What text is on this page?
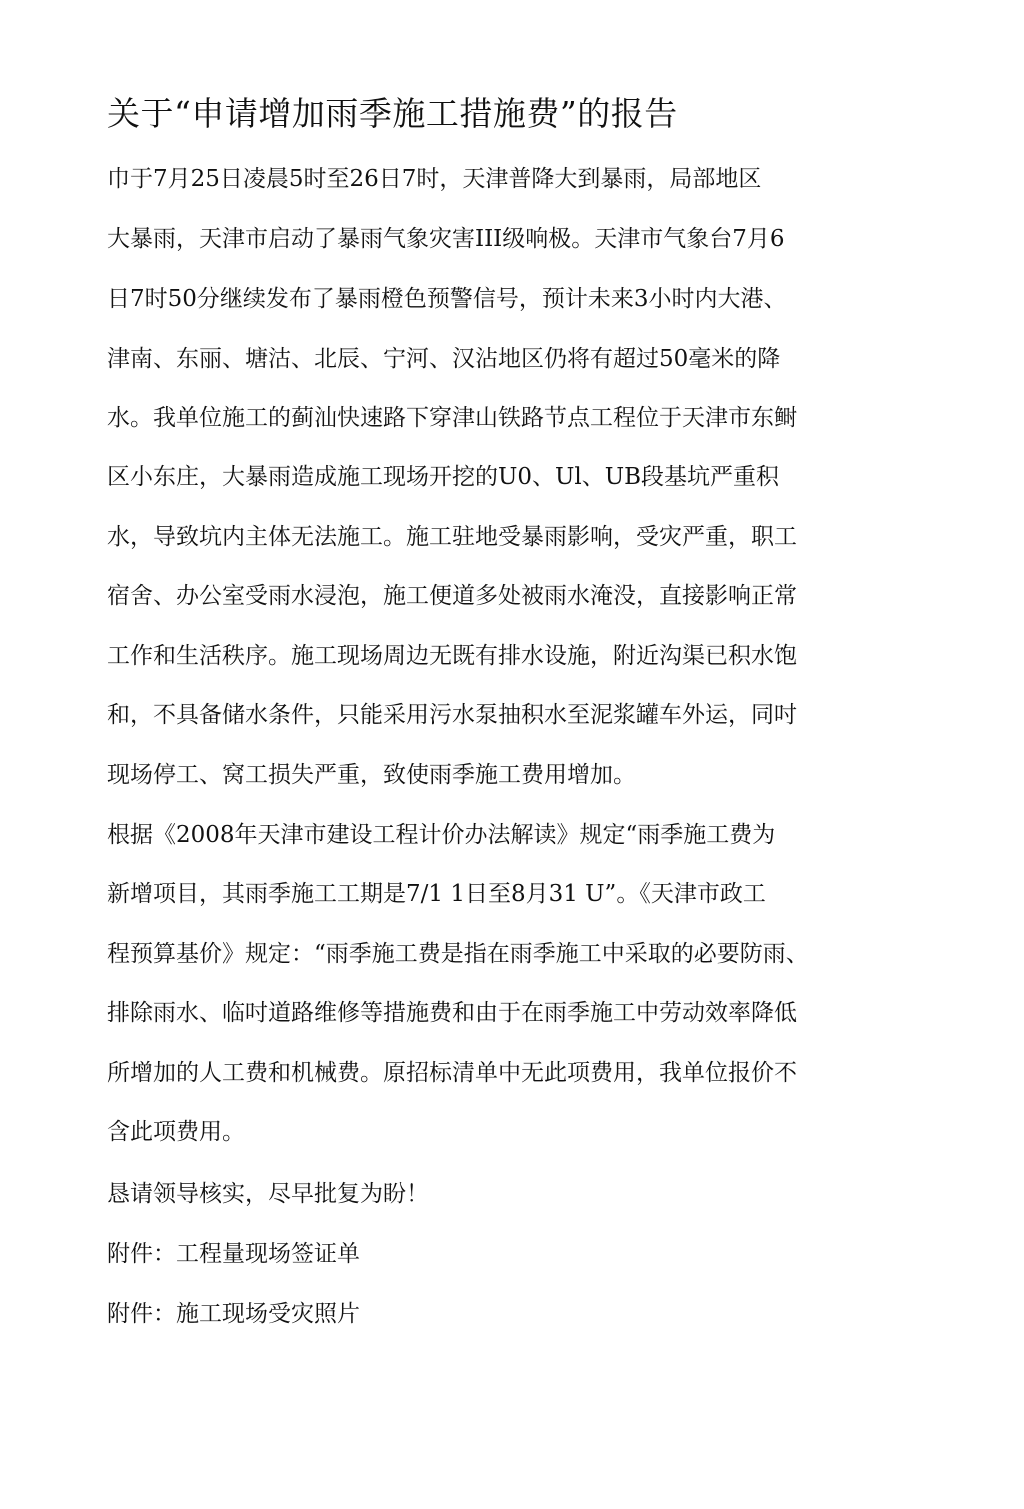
关于“申请增加雨季施工措施费”的报告
巾于7月25日凌晨5时至26日7时，天津普降大到暴雨，局部地区
大暴雨，天津市启动了暴雨气象灾害III级响极。天津市气象台7月6
日7时50分继续发布了暴雨橙色预警信号，预计未来3小时内大港、
津南、东丽、塘沽、北辰、宁河、汉沾地区仍将有超过50毫米的降
水。我单位施工的蓟汕快速路下穿津山铁路节点工程位于天津市东鲥
区小东庄，大暴雨造成施工现场开挖的U0、Ul、UB段基坑严重积
水，导致坑内主体无法施工。施工驻地受暴雨影响，受灾严重，职工
宿舍、办公室受雨水浸泡，施工便道多处被雨水淹没，直接影响正常
工作和生活秩序。施工现场周边无既有排水设施，附近沟渠已积水饱
和，不具备储水条件，只能采用污水泵抽积水至泥浆罐车外运，同吋
现场停工、窝工损失严重，致使雨季施工费用增加。
根据《2008年天津市建设工程计价办法解读》规定“雨季施工费为
新增项目，其雨季施工工期是7/1 1日至8月31 U”。《天津市政工
程预算基价》规定：“雨季施工费是指在雨季施工中采取的必要防雨、
排除雨水、临吋道路维修等措施费和由于在雨季施工中劳动效率降低
所增加的人工费和机械费。原招标清单中无此项费用，我单位报价不
含此项费用。
恳请领导核实，尽早批复为盼！
附件：工程量现场签证单
附件：施工现场受灾照片
